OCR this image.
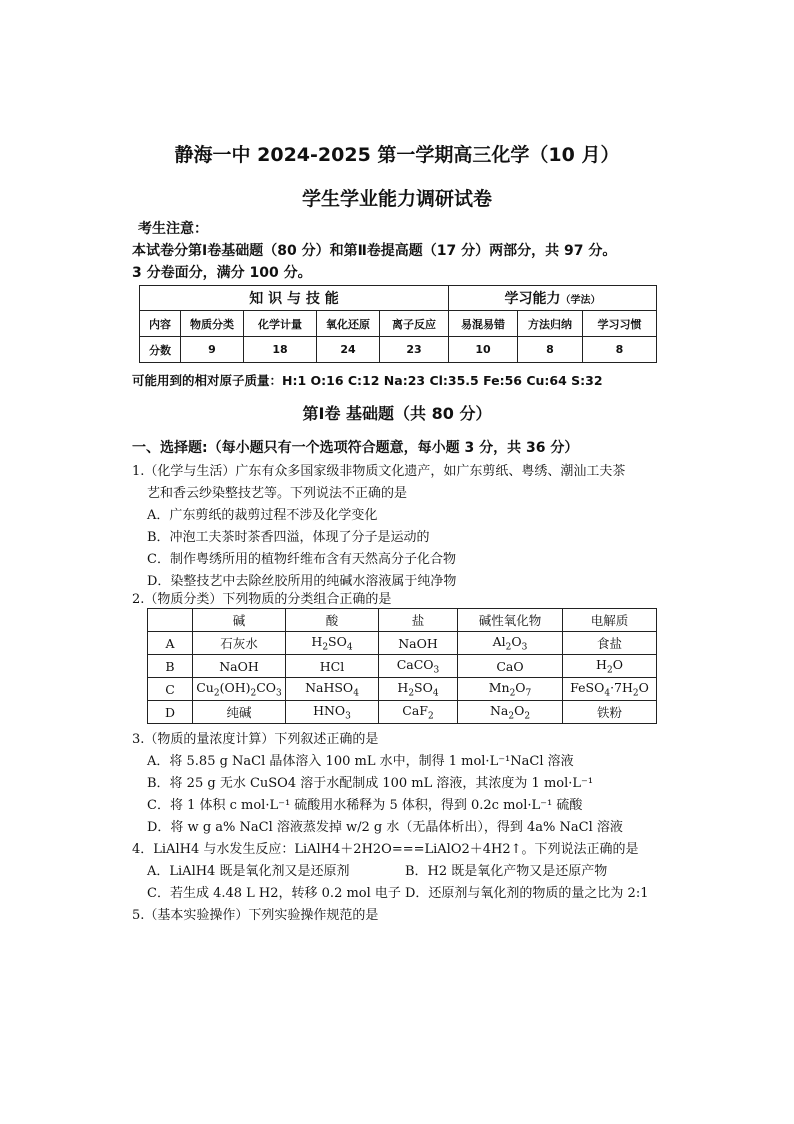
静海一中 2024-2025 第一学期高三化学（10 月）
学生学业能力调研试卷
考生注意：
本试卷分第Ⅰ卷基础题（80 分）和第Ⅱ卷提高题（17 分）两部分，共 97 分。
3 分卷面分，满分 100 分。
知 识 与 技 能					学习能力（学法）		
内容	物质分类	化学计量	氧化还原	离子反应	易混易错	方法归纳	学习习惯
分数	9	18	24	23	10	8	8
可能用到的相对原子质量：H:1 O:16 C:12 Na:23 Cl:35.5 Fe:56 Cu:64 S:32
第Ⅰ卷 基础题（共 80 分）
一、选择题:（每小题只有一个选项符合题意，每小题 3 分，共 36 分）
1.（化学与生活）广东有众多国家级非物质文化遗产，如广东剪纸、粤绣、潮汕工夫茶
艺和香云纱染整技艺等。下列说法不正确的是
A．广东剪纸的裁剪过程不涉及化学变化
B．冲泡工夫茶时茶香四溢，体现了分子是运动的
C．制作粤绣所用的植物纤维布含有天然高分子化合物
D．染整技艺中去除丝胶所用的纯碱水溶液属于纯净物
2.（物质分类）下列物质的分类组合正确的是
	碱	酸	盐	碱性氧化物	电解质
A	石灰水	$H_2SO_4$	NaOH	$Al_2O_3$	食盐
B	NaOH	HCl	CaCO$_3$	CaO	$H_2O$
C	$Cu_2(OH)_2CO_3$	NaHSO$_4$	$H_2SO_4$	$Mn_2O_7$	$FeSO_4\cdot 7H_2O$
D	纯碱	$HNO_3$	CaF$_2$	$Na_2O_2$	铁粉
3.（物质的量浓度计算）下列叙述正确的是
A．将 5.85 g NaCl 晶体溶入 100 mL 水中，制得 1 mol·L⁻¹NaCl 溶液
B．将 25 g 无水 CuSO4 溶于水配制成 100 mL 溶液，其浓度为 1 mol·L⁻¹
C．将 1 体积 c mol·L⁻¹ 硫酸用水稀释为 5 体积，得到 0.2c mol·L⁻¹ 硫酸
D．将 w g a% NaCl 溶液蒸发掉 w/2 g 水（无晶体析出），得到 4a% NaCl 溶液
4．LiAlH4 与水发生反应：LiAlH4＋2H2O===LiAlO2＋4H2↑。下列说法正确的是
A．LiAlH4 既是氧化剂又是还原剂	B．H2 既是氧化产物又是还原产物
C．若生成 4.48 L H2，转移 0.2 mol 电子 D．还原剂与氧化剂的物质的量之比为 2:1
5.（基本实验操作）下列实验操作规范的是
